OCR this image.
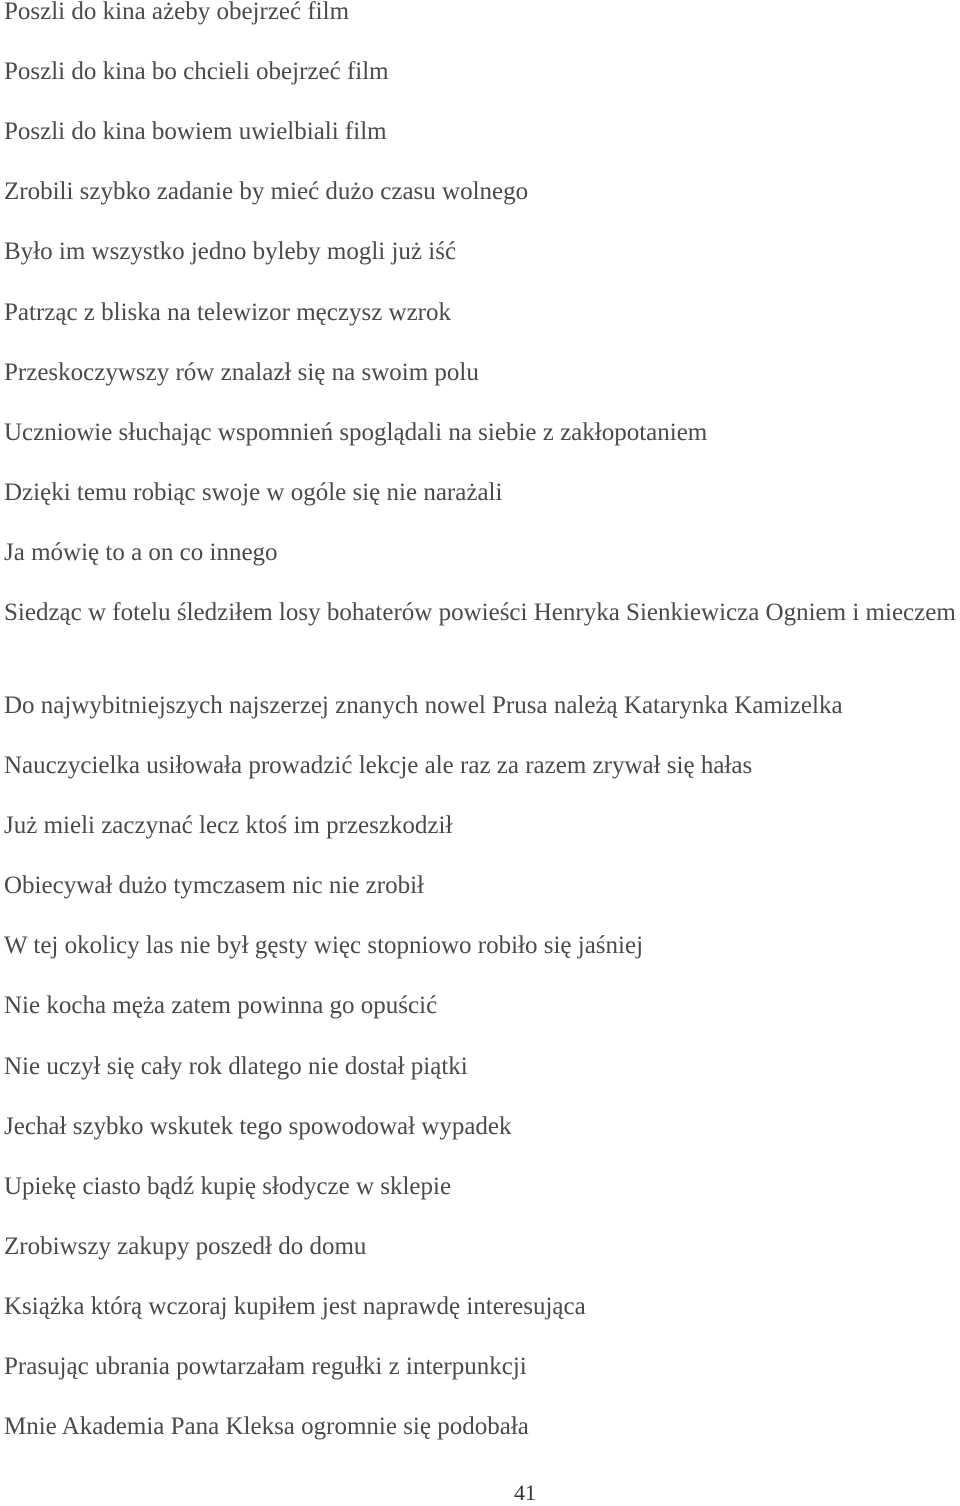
Poszli do kina ażeby obejrzeć film

Poszli do kina bo chcieli obejrzeć film

Poszli do kina bowiem uwielbiali film

Zrobili szybko zadanie by mieć dużo czasu wolnego

Było im wszystko jedno byleby mogli już iść

Patrząc z bliska na telewizor męczysz wzrok

Przeskoczywszy rów znalazł się na swoim polu

Uczniowie słuchając wspomnień spoglądali na siebie z zakłopotaniem

Dzięki temu robiąc swoje w ogóle się nie narażali

Ja mówię to a on co innego

Siedząc w fotelu śledziłem losy bohaterów powieści Henryka Sienkiewicza Ogniem i mieczem

Do najwybitniejszych najszerzej znanych nowel Prusa należą Katarynka Kamizelka

Nauczycielka usiłowała prowadzić lekcje ale raz za razem zrywał się hałas

Już mieli zaczynać lecz ktoś im przeszkodził

Obiecywał dużo tymczasem nic nie zrobił

W tej okolicy las nie był gęsty więc stopniowo robiło się jaśniej

Nie kocha męża zatem powinna go opuścić

Nie uczył się cały rok dlatego nie dostał piątki

Jechał szybko wskutek tego spowodował wypadek

Upiekę ciasto bądź kupię słodycze w sklepie

Zrobiwszy zakupy poszedł do domu

Książka którą wczoraj kupiłem jest naprawdę interesująca

Prasując ubrania powtarzałam regułki z interpunkcji

Mnie Akademia Pana Kleksa ogromnie się podobała

41
